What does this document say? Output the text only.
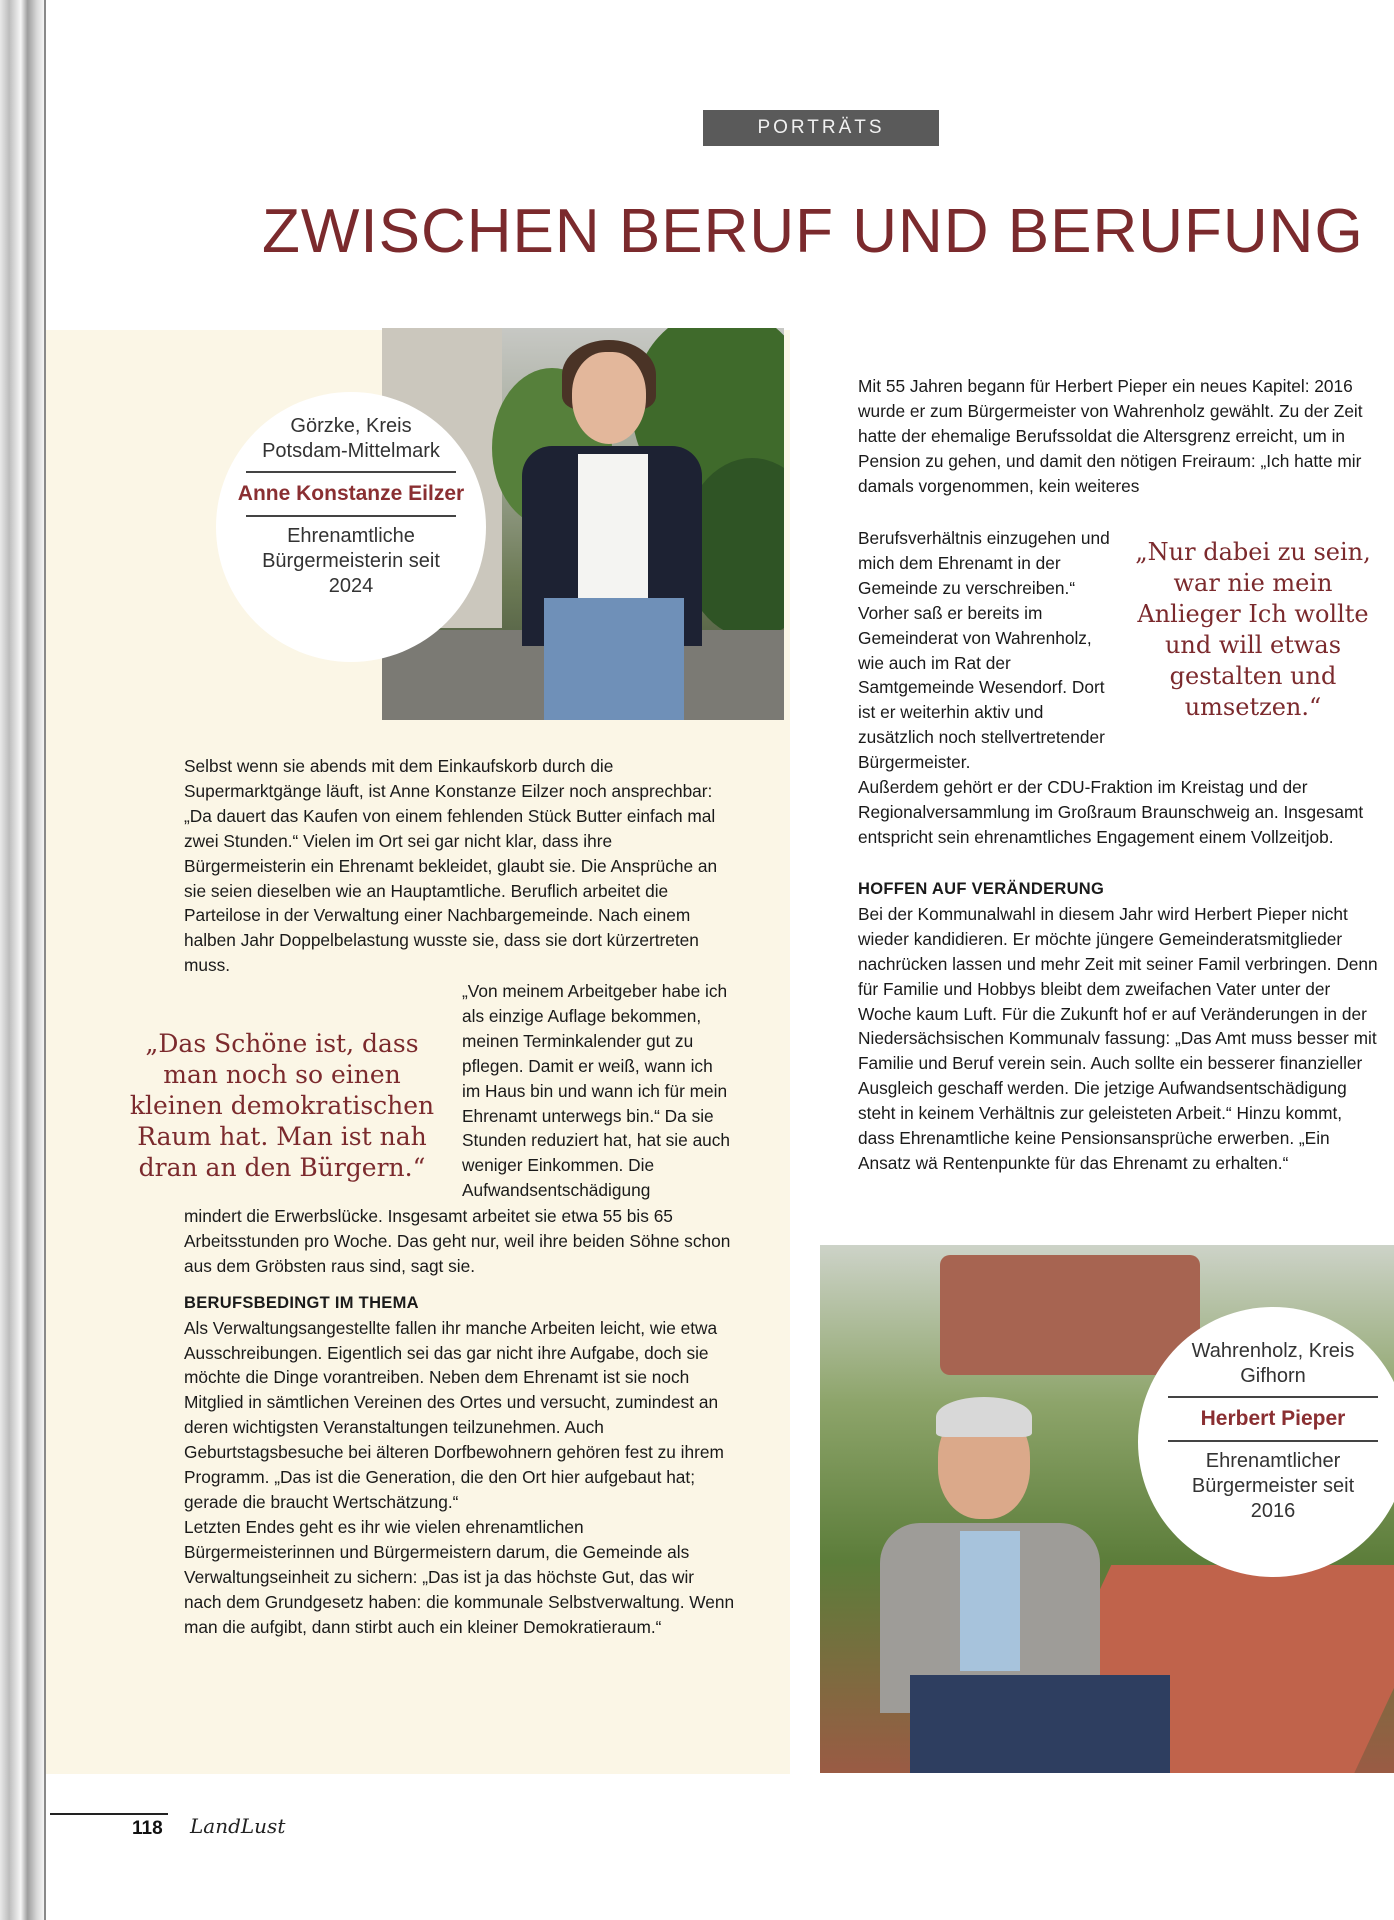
PORTRÄTS
ZWISCHEN BERUF UND BERUFUNG
Görzke, Kreis Potsdam-Mittelmark
Anne Konstanze Eilzer
Ehrenamtliche Bürgermeisterin seit 2024

Selbst wenn sie abends mit dem Einkaufskorb durch die Supermarktgänge läuft, ist Anne Konstanze Eilzer noch ansprechbar: „Da dauert das Kaufen von einem fehlenden Stück Butter einfach mal zwei Stunden.“ Vielen im Ort sei gar nicht klar, dass ihre Bürgermeisterin ein Ehrenamt bekleidet, glaubt sie. Die Ansprüche an sie seien dieselben wie an Hauptamtliche. Beruflich arbeitet die Parteilose in der Verwaltung einer Nachbargemeinde. Nach einem halben Jahr Doppelbelastung wusste sie, dass sie dort kürzertreten muss.

„Das Schöne ist, dass man noch so einen kleinen demokratischen Raum hat. Man ist nah dran an den Bürgern.“

„Von meinem Arbeitgeber habe ich als einzige Auflage bekommen, meinen Terminkalender gut zu pflegen. Damit er weiß, wann ich im Haus bin und wann ich für mein Ehrenamt unterwegs bin.“ Da sie Stunden reduziert hat, hat sie auch weniger Einkommen. Die Aufwandsentschädigung

mindert die Erwerbslücke. Insgesamt arbeitet sie etwa 55 bis 65 Arbeitsstunden pro Woche. Das geht nur, weil ihre beiden Söhne schon aus dem Gröbsten raus sind, sagt sie.

BERUFSBEDINGT IM THEMA

Als Verwaltungsangestellte fallen ihr manche Arbeiten leicht, wie etwa Ausschreibungen. Eigentlich sei das gar nicht ihre Aufgabe, doch sie möchte die Dinge vorantreiben. Neben dem Ehrenamt ist sie noch Mitglied in sämtlichen Vereinen des Ortes und versucht, zumindest an deren wichtigsten Veranstaltungen teilzunehmen. Auch Geburtstagsbesuche bei älteren Dorfbewohnern gehören fest zu ihrem Programm. „Das ist die Generation, die den Ort hier aufgebaut hat; gerade die braucht Wertschätzung.“

Letzten Endes geht es ihr wie vielen ehrenamtlichen Bürgermeisterinnen und Bürgermeistern darum, die Gemeinde als Verwaltungseinheit zu sichern: „Das ist ja das höchste Gut, das wir nach dem Grundgesetz haben: die kommunale Selbstverwaltung. Wenn man die aufgibt, dann stirbt auch ein kleiner Demokratieraum.“

Mit 55 Jahren begann für Herbert Pieper ein neues Kapitel: 2016 wurde er zum Bürgermeister von Wahrenholz gewählt. Zu der Zeit hatte der ehemalige Berufssoldat die Altersgrenz erreicht, um in Pension zu gehen, und damit den nötigen Freiraum: „Ich hatte mir damals vorgenommen, kein weiteres

Berufsverhältnis einzugehen und mich dem Ehrenamt in der Gemeinde zu verschreiben.“ Vorher saß er bereits im Gemeinderat von Wahrenholz, wie auch im Rat der Samtgemeinde Wesendorf. Dort ist er weiterhin aktiv und zusätzlich noch stellvertretender Bürgermeister.

„Nur dabei zu sein, war nie mein Anlieger Ich wollte und will etwas gestalten und umsetzen.“

Außerdem gehört er der CDU-Fraktion im Kreistag und der Regionalversammlung im Großraum Braunschweig an. Insgesamt entspricht sein ehrenamtliches Engagement einem Vollzeitjob.

HOFFEN AUF VERÄNDERUNG

Bei der Kommunalwahl in diesem Jahr wird Herbert Pieper nicht wieder kandidieren. Er möchte jüngere Gemeinderatsmitglieder nachrücken lassen und mehr Zeit mit seiner Famil verbringen. Denn für Familie und Hobbys bleibt dem zweifachen Vater unter der Woche kaum Luft. Für die Zukunft hof er auf Veränderungen in der Niedersächsischen Kommunalv fassung: „Das Amt muss besser mit Familie und Beruf verein sein. Auch sollte ein besserer finanzieller Ausgleich geschaff werden. Die jetzige Aufwandsentschädigung steht in keinem Verhältnis zur geleisteten Arbeit.“ Hinzu kommt, dass Ehrenamtliche keine Pensionsansprüche erwerben. „Ein Ansatz wä Rentenpunkte für das Ehrenamt zu erhalten.“

Wahrenholz, Kreis Gifhorn
Herbert Pieper
Ehrenamtlicher Bürgermeister seit 2016
118 LandLust
